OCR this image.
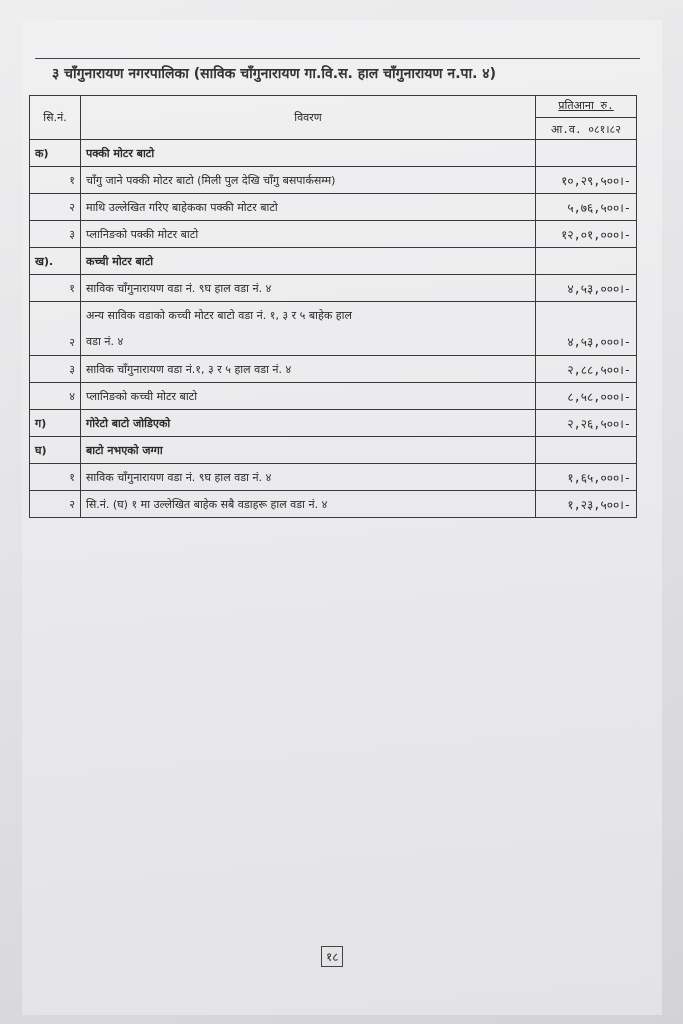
३ चाँगुनारायण नगरपालिका (साविक चाँगुनारायण गा.वि.स. हाल चाँगुनारायण न.पा. ४)
सि.नं.	विवरण	प्रतिआना रु.
आ.व. ०८१।८२

क)	पक्की मोटर बाटो	
१	चाँगु जाने पक्की मोटर बाटो (मिली पुल देखि चाँगु बसपार्कसम्म)	१०,२९,५००।-
२	माथि उल्लेखित गरिए बाहेकका पक्की मोटर बाटो	५,७६,५००।-
३	प्लानिङको पक्की मोटर बाटो	१२,०१,०००।-
ख).	कच्ची मोटर बाटो	
१	साविक चाँगुनारायण वडा नं. ९घ हाल वडा नं. ४	४,५३,०००।-
२	अन्य साविक वडाको कच्ची मोटर बाटो वडा नं. १, ३ र ५ बाहेक हाल
वडा नं. ४	४,५३,०००।-
३	साविक चाँगुनारायण वडा नं.१, ३ र ५ हाल वडा नं. ४	२,८८,५००।-
४	प्लानिङको कच्ची मोटर बाटो	८,५८,०००।-
ग)	गोरेटो बाटो जोडिएको	२,२६,५००।-
घ)	बाटो नभएको जग्गा	
१	साविक चाँगुनारायण वडा नं. ९घ हाल वडा नं. ४	१,६५,०००।-
२	सि.नं. (घ) १ मा उल्लेखित बाहेक सबै वडाहरू हाल वडा नं. ४	१,२३,५००।-
१८
